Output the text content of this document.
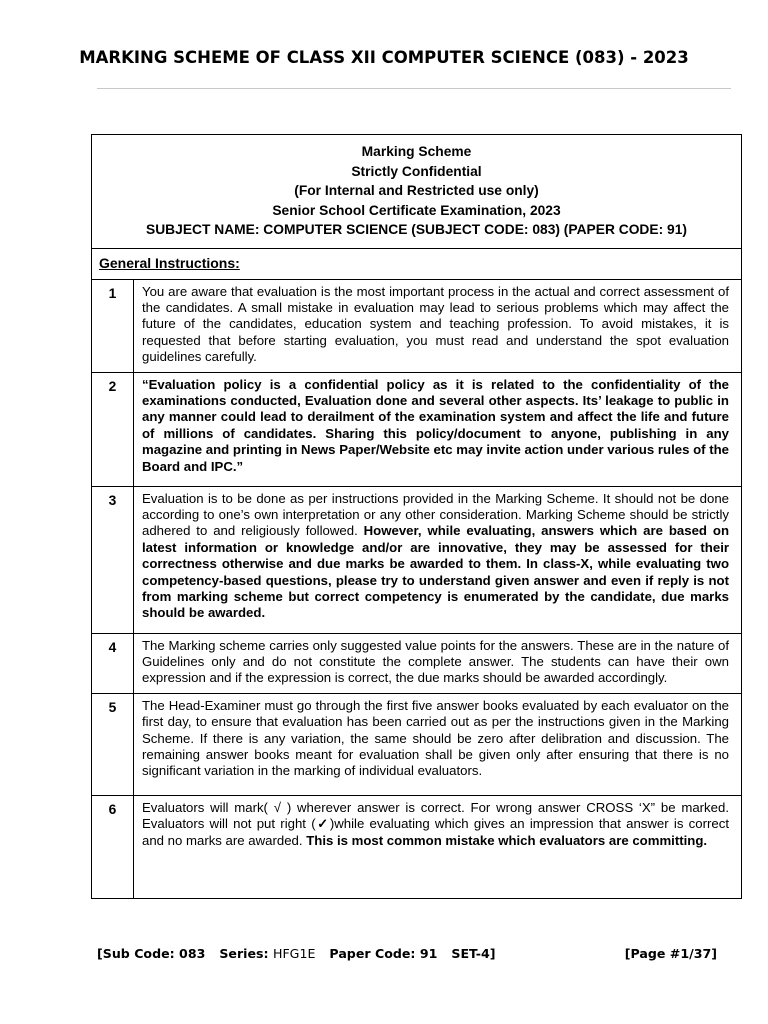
MARKING SCHEME OF CLASS XII COMPUTER SCIENCE (083) - 2023
Marking Scheme
Strictly Confidential
(For Internal and Restricted use only)
Senior School Certificate Examination, 2023
SUBJECT NAME: COMPUTER SCIENCE (SUBJECT CODE: 083) (PAPER CODE: 91)	

General Instructions:	
1	You are aware that evaluation is the most important process in the actual and correct assessment of the candidates. A small mistake in evaluation may lead to serious problems which may affect the future of the candidates, education system and teaching profession. To avoid mistakes, it is requested that before starting evaluation, you must read and understand the spot evaluation guidelines carefully.
2	“Evaluation policy is a confidential policy as it is related to the confidentiality of the examinations conducted, Evaluation done and several other aspects. Its’ leakage to public in any manner could lead to derailment of the examination system and affect the life and future of millions of candidates. Sharing this policy/document to anyone, publishing in any magazine and printing in News Paper/Website etc may invite action under various rules of the Board and IPC.”
3	Evaluation is to be done as per instructions provided in the Marking Scheme. It should not be done according to one’s own interpretation or any other consideration. Marking Scheme should be strictly adhered to and religiously followed. However, while evaluating, answers which are based on latest information or knowledge and/or are innovative, they may be assessed for their correctness otherwise and due marks be awarded to them. In class-X, while evaluating two competency-based questions, please try to understand given answer and even if reply is not from marking scheme but correct competency is enumerated by the candidate, due marks should be awarded.
4	The Marking scheme carries only suggested value points for the answers. These are in the nature of Guidelines only and do not constitute the complete answer. The students can have their own expression and if the expression is correct, the due marks should be awarded accordingly.
5	The Head-Examiner must go through the first five answer books evaluated by each evaluator on the first day, to ensure that evaluation has been carried out as per the instructions given in the Marking Scheme. If there is any variation, the same should be zero after delibration and discussion. The remaining answer books meant for evaluation shall be given only after ensuring that there is no significant variation in the marking of individual evaluators.
6	Evaluators will mark( √ ) wherever answer is correct. For wrong answer CROSS ‘X” be marked. Evaluators will not put right (✓)while evaluating which gives an impression that answer is correct and no marks are awarded. This is most common mistake which evaluators are committing.
[Sub Code: 083 Series: HFG1E Paper Code: 91 SET-4]	[Page #1/37]
